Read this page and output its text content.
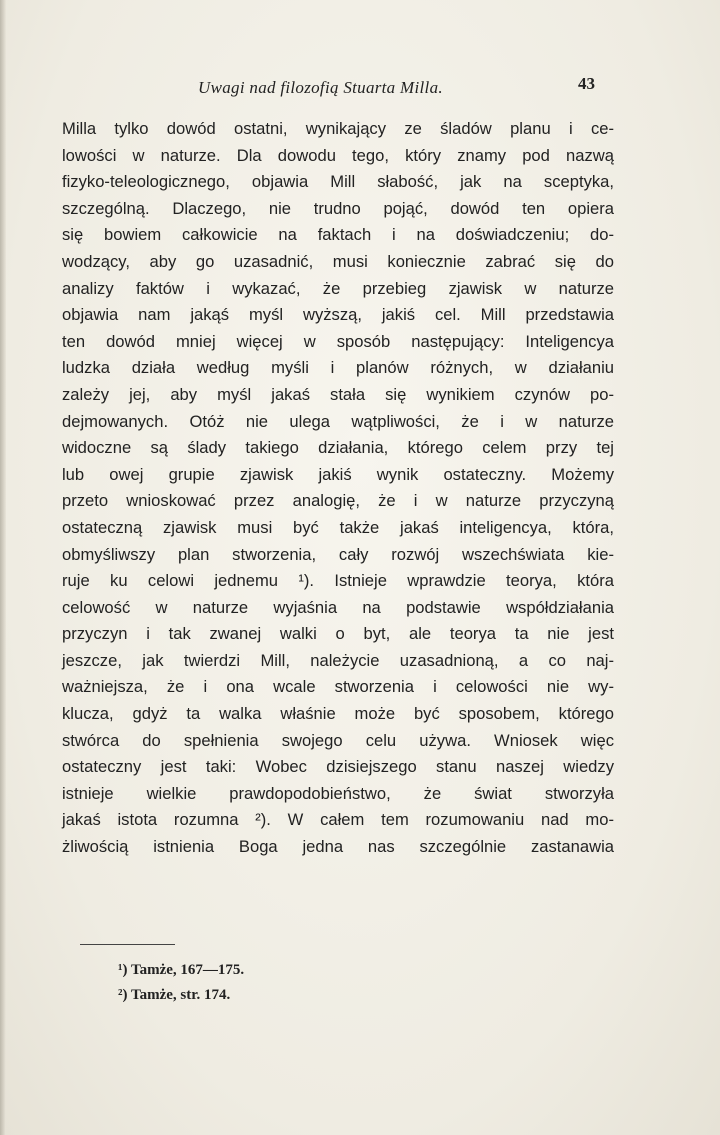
Uwagi nad filozofią Stuarta Milla.	43
Milla tylko dowód ostatni, wynikający ze śladów planu i ce-
lowości w naturze. Dla dowodu tego, który znamy pod nazwą
fizyko-teleologicznego, objawia Mill słabość, jak na sceptyka,
szczególną. Dlaczego, nie trudno pojąć, dowód ten opiera
się bowiem całkowicie na faktach i na doświadczeniu; do-
wodzący, aby go uzasadnić, musi koniecznie zabrać się do
analizy faktów i wykazać, że przebieg zjawisk w naturze
objawia nam jakąś myśl wyższą, jakiś cel. Mill przedstawia
ten dowód mniej więcej w sposób następujący: Inteligencya
ludzka działa według myśli i planów różnych, w działaniu
zależy jej, aby myśl jakaś stała się wynikiem czynów po-
dejmowanych. Otóż nie ulega wątpliwości, że i w naturze
widoczne są ślady takiego działania, którego celem przy tej
lub owej grupie zjawisk jakiś wynik ostateczny. Możemy
przeto wnioskować przez analogię, że i w naturze przyczyną
ostateczną zjawisk musi być także jakaś inteligencya, która,
obmyśliwszy plan stworzenia, cały rozwój wszechświata kie-
ruje ku celowi jednemu ¹). Istnieje wprawdzie teorya, która
celowość w naturze wyjaśnia na podstawie współdziałania
przyczyn i tak zwanej walki o byt, ale teorya ta nie jest
jeszcze, jak twierdzi Mill, należycie uzasadnioną, a co naj-
ważniejsza, że i ona wcale stworzenia i celowości nie wy-
klucza, gdyż ta walka właśnie może być sposobem, którego
stwórca do spełnienia swojego celu używa. Wniosek więc
ostateczny jest taki: Wobec dzisiejszego stanu naszej wiedzy
istnieje wielkie prawdopodobieństwo, że świat stworzyła
jakaś istota rozumna ²). W całem tem rozumowaniu nad mo-
żliwością istnienia Boga jedna nas szczególnie zastanawia
¹) Tamże, 167—175.
²) Tamże, str. 174.
